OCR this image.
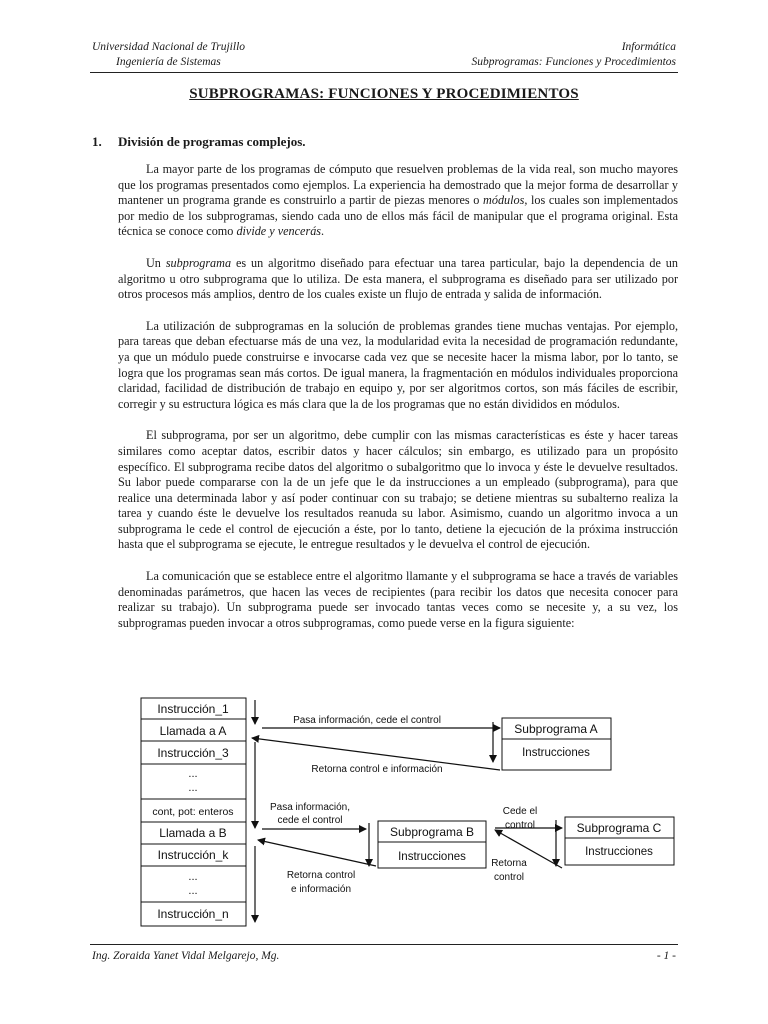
Universidad Nacional de Trujillo
Ingeniería de Sistemas
Informática
Subprogramas: Funciones y Procedimientos
SUBPROGRAMAS: FUNCIONES Y PROCEDIMIENTOS
1. División de programas complejos.

La mayor parte de los programas de cómputo que resuelven problemas de la vida real, son mucho mayores que los programas presentados como ejemplos. La experiencia ha demostrado que la mejor forma de desarrollar y mantener un programa grande es construirlo a partir de piezas menores o módulos, los cuales son implementados por medio de los subprogramas, siendo cada uno de ellos más fácil de manipular que el programa original. Esta técnica se conoce como divide y vencerás.

Un subprograma es un algoritmo diseñado para efectuar una tarea particular, bajo la dependencia de un algoritmo u otro subprograma que lo utiliza. De esta manera, el subprograma es diseñado para ser utilizado por otros procesos más amplios, dentro de los cuales existe un flujo de entrada y salida de información.

La utilización de subprogramas en la solución de problemas grandes tiene muchas ventajas. Por ejemplo, para tareas que deban efectuarse más de una vez, la modularidad evita la necesidad de programación redundante, ya que un módulo puede construirse e invocarse cada vez que se necesite hacer la misma labor, por lo tanto, se logra que los programas sean más cortos. De igual manera, la fragmentación en módulos individuales proporciona claridad, facilidad de distribución de trabajo en equipo y, por ser algoritmos cortos, son más fáciles de escribir, corregir y su estructura lógica es más clara que la de los programas que no están divididos en módulos.

El subprograma, por ser un algoritmo, debe cumplir con las mismas características es éste y hacer tareas similares como aceptar datos, escribir datos y hacer cálculos; sin embargo, es utilizado para un propósito específico. El subprograma recibe datos del algoritmo o subalgoritmo que lo invoca y éste le devuelve resultados. Su labor puede compararse con la de un jefe que le da instrucciones a un empleado (subprograma), para que realice una determinada labor y así poder continuar con su trabajo; se detiene mientras su subalterno realiza la tarea y cuando éste le devuelve los resultados reanuda su labor. Asimismo, cuando un algoritmo invoca a un subprograma le cede el control de ejecución a éste, por lo tanto, detiene la ejecución de la próxima instrucción hasta que el subprograma se ejecute, le entregue resultados y le devuelva el control de ejecución.

La comunicación que se establece entre el algoritmo llamante y el subprograma se hace a través de variables denominadas parámetros, que hacen las veces de recipientes (para recibir los datos que necesita conocer para realizar su trabajo). Un subprograma puede ser invocado tantas veces como se necesite y, a su vez, los subprogramas pueden invocar a otros subprogramas, como puede verse en la figura siguiente:

Instrucción_1
Llamada a A
Instrucción_3
...
...
cont, pot: enteros
Llamada a B
Instrucción_k
...
...
Instrucción_n
Subprograma A
Instrucciones
Pasa información, cede el control
Retorna control e información
Subprograma B
Instrucciones
Pasa información,
cede el control
Retorna control
e información
Subprograma C
Instrucciones
Cede el
control
Retorna
control
Ing. Zoraida Yanet Vidal Melgarejo, Mg.	- 1 -
